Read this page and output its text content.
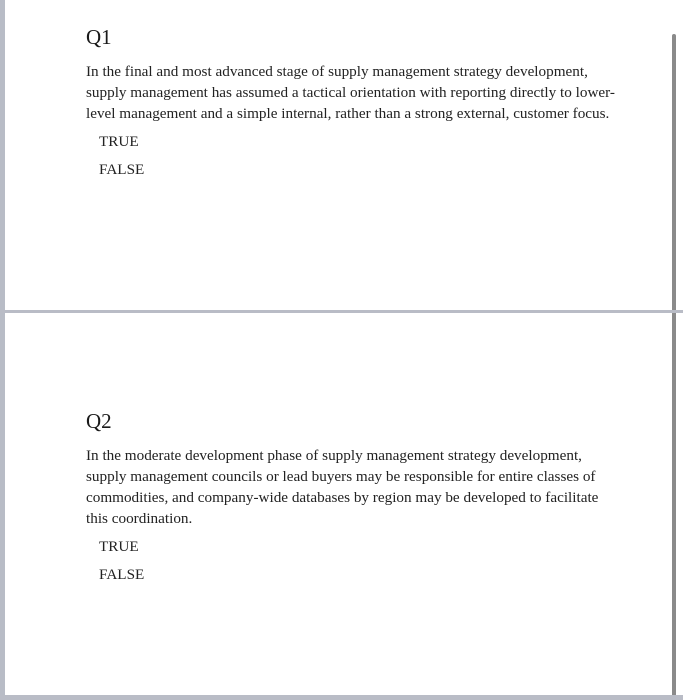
Q1

In the final and most advanced stage of supply management strategy development, supply management has assumed a tactical orientation with reporting directly to lower-level management and a simple internal, rather than a strong external, customer focus.

TRUE
FALSE
Q2

In the moderate development phase of supply management strategy development, supply management councils or lead buyers may be responsible for entire classes of commodities, and company-wide databases by region may be developed to facilitate this coordination.

TRUE
FALSE
